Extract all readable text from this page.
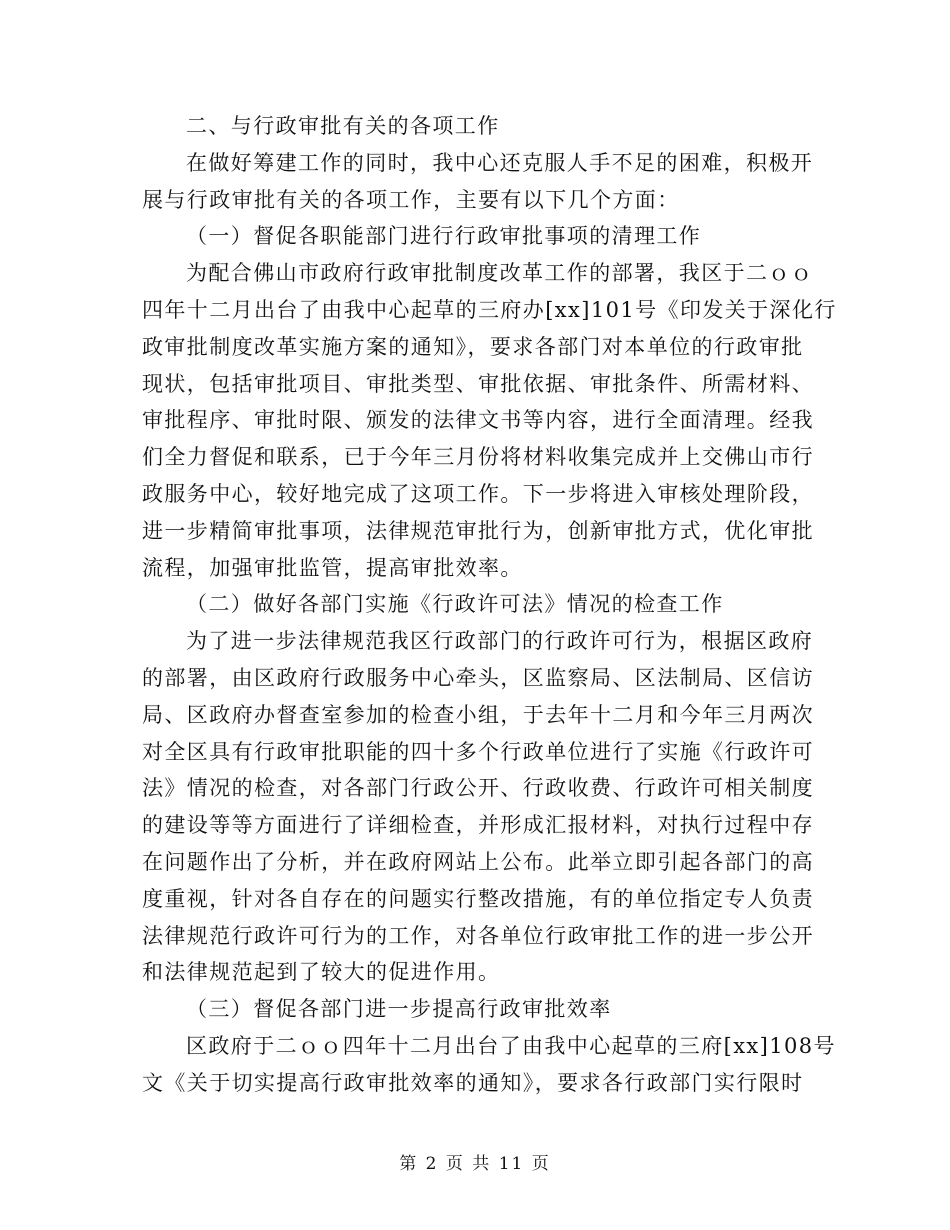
二、与行政审批有关的各项工作
在做好筹建工作的同时，我中心还克服人手不足的困难，积极开
展与行政审批有关的各项工作，主要有以下几个方面：
（一）督促各职能部门进行行政审批事项的清理工作
为配合佛山市政府行政审批制度改革工作的部署，我区于二ｏｏ
四年十二月出台了由我中心起草的三府办[xx]101号《印发关于深化行
政审批制度改革实施方案的通知》，要求各部门对本单位的行政审批
现状，包括审批项目、审批类型、审批依据、审批条件、所需材料、
审批程序、审批时限、颁发的法律文书等内容，进行全面清理。经我
们全力督促和联系，已于今年三月份将材料收集完成并上交佛山市行
政服务中心，较好地完成了这项工作。下一步将进入审核处理阶段，
进一步精简审批事项，法律规范审批行为，创新审批方式，优化审批
流程，加强审批监管，提高审批效率。
（二）做好各部门实施《行政许可法》情况的检查工作
为了进一步法律规范我区行政部门的行政许可行为，根据区政府
的部署，由区政府行政服务中心牵头，区监察局、区法制局、区信访
局、区政府办督查室参加的检查小组，于去年十二月和今年三月两次
对全区具有行政审批职能的四十多个行政单位进行了实施《行政许可
法》情况的检查，对各部门行政公开、行政收费、行政许可相关制度
的建设等等方面进行了详细检查，并形成汇报材料，对执行过程中存
在问题作出了分析，并在政府网站上公布。此举立即引起各部门的高
度重视，针对各自存在的问题实行整改措施，有的单位指定专人负责
法律规范行政许可行为的工作，对各单位行政审批工作的进一步公开
和法律规范起到了较大的促进作用。
（三）督促各部门进一步提高行政审批效率
区政府于二ｏｏ四年十二月出台了由我中心起草的三府[xx]108号
文《关于切实提高行政审批效率的通知》，要求各行政部门实行限时
第 2 页 共 11 页
